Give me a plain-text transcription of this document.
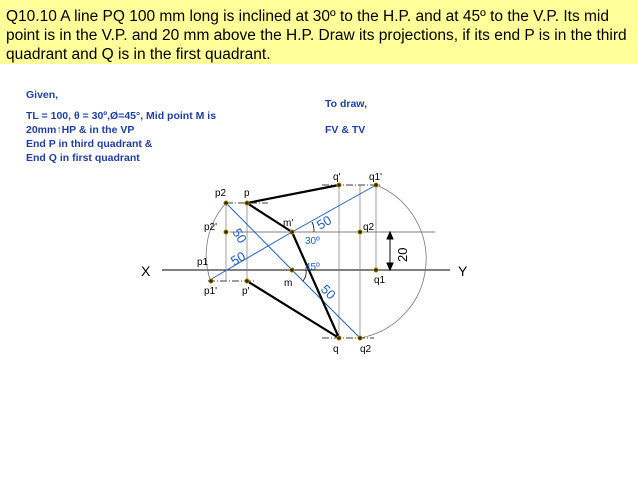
Q10.10 A line PQ 100 mm long is inclined at 30º to the H.P. and at 45º to the V.P. Its mid point is in the V.P. and 20 mm above the H.P. Draw its projections, if its end P is in the third quadrant and Q is in the first quadrant.
Given,
TL = 100, θ = 30º,Ø=45°, Mid point M is
20mm↑HP & in the VP
End P in third quadrant &
End Q in first quadrant
To draw,
FV & TV
X	Y
p2 p
p2'
p1
p1' p'
m'
m
q'	q1'
q2
q1
q q2
50
50
50
50
30º
45º
20
